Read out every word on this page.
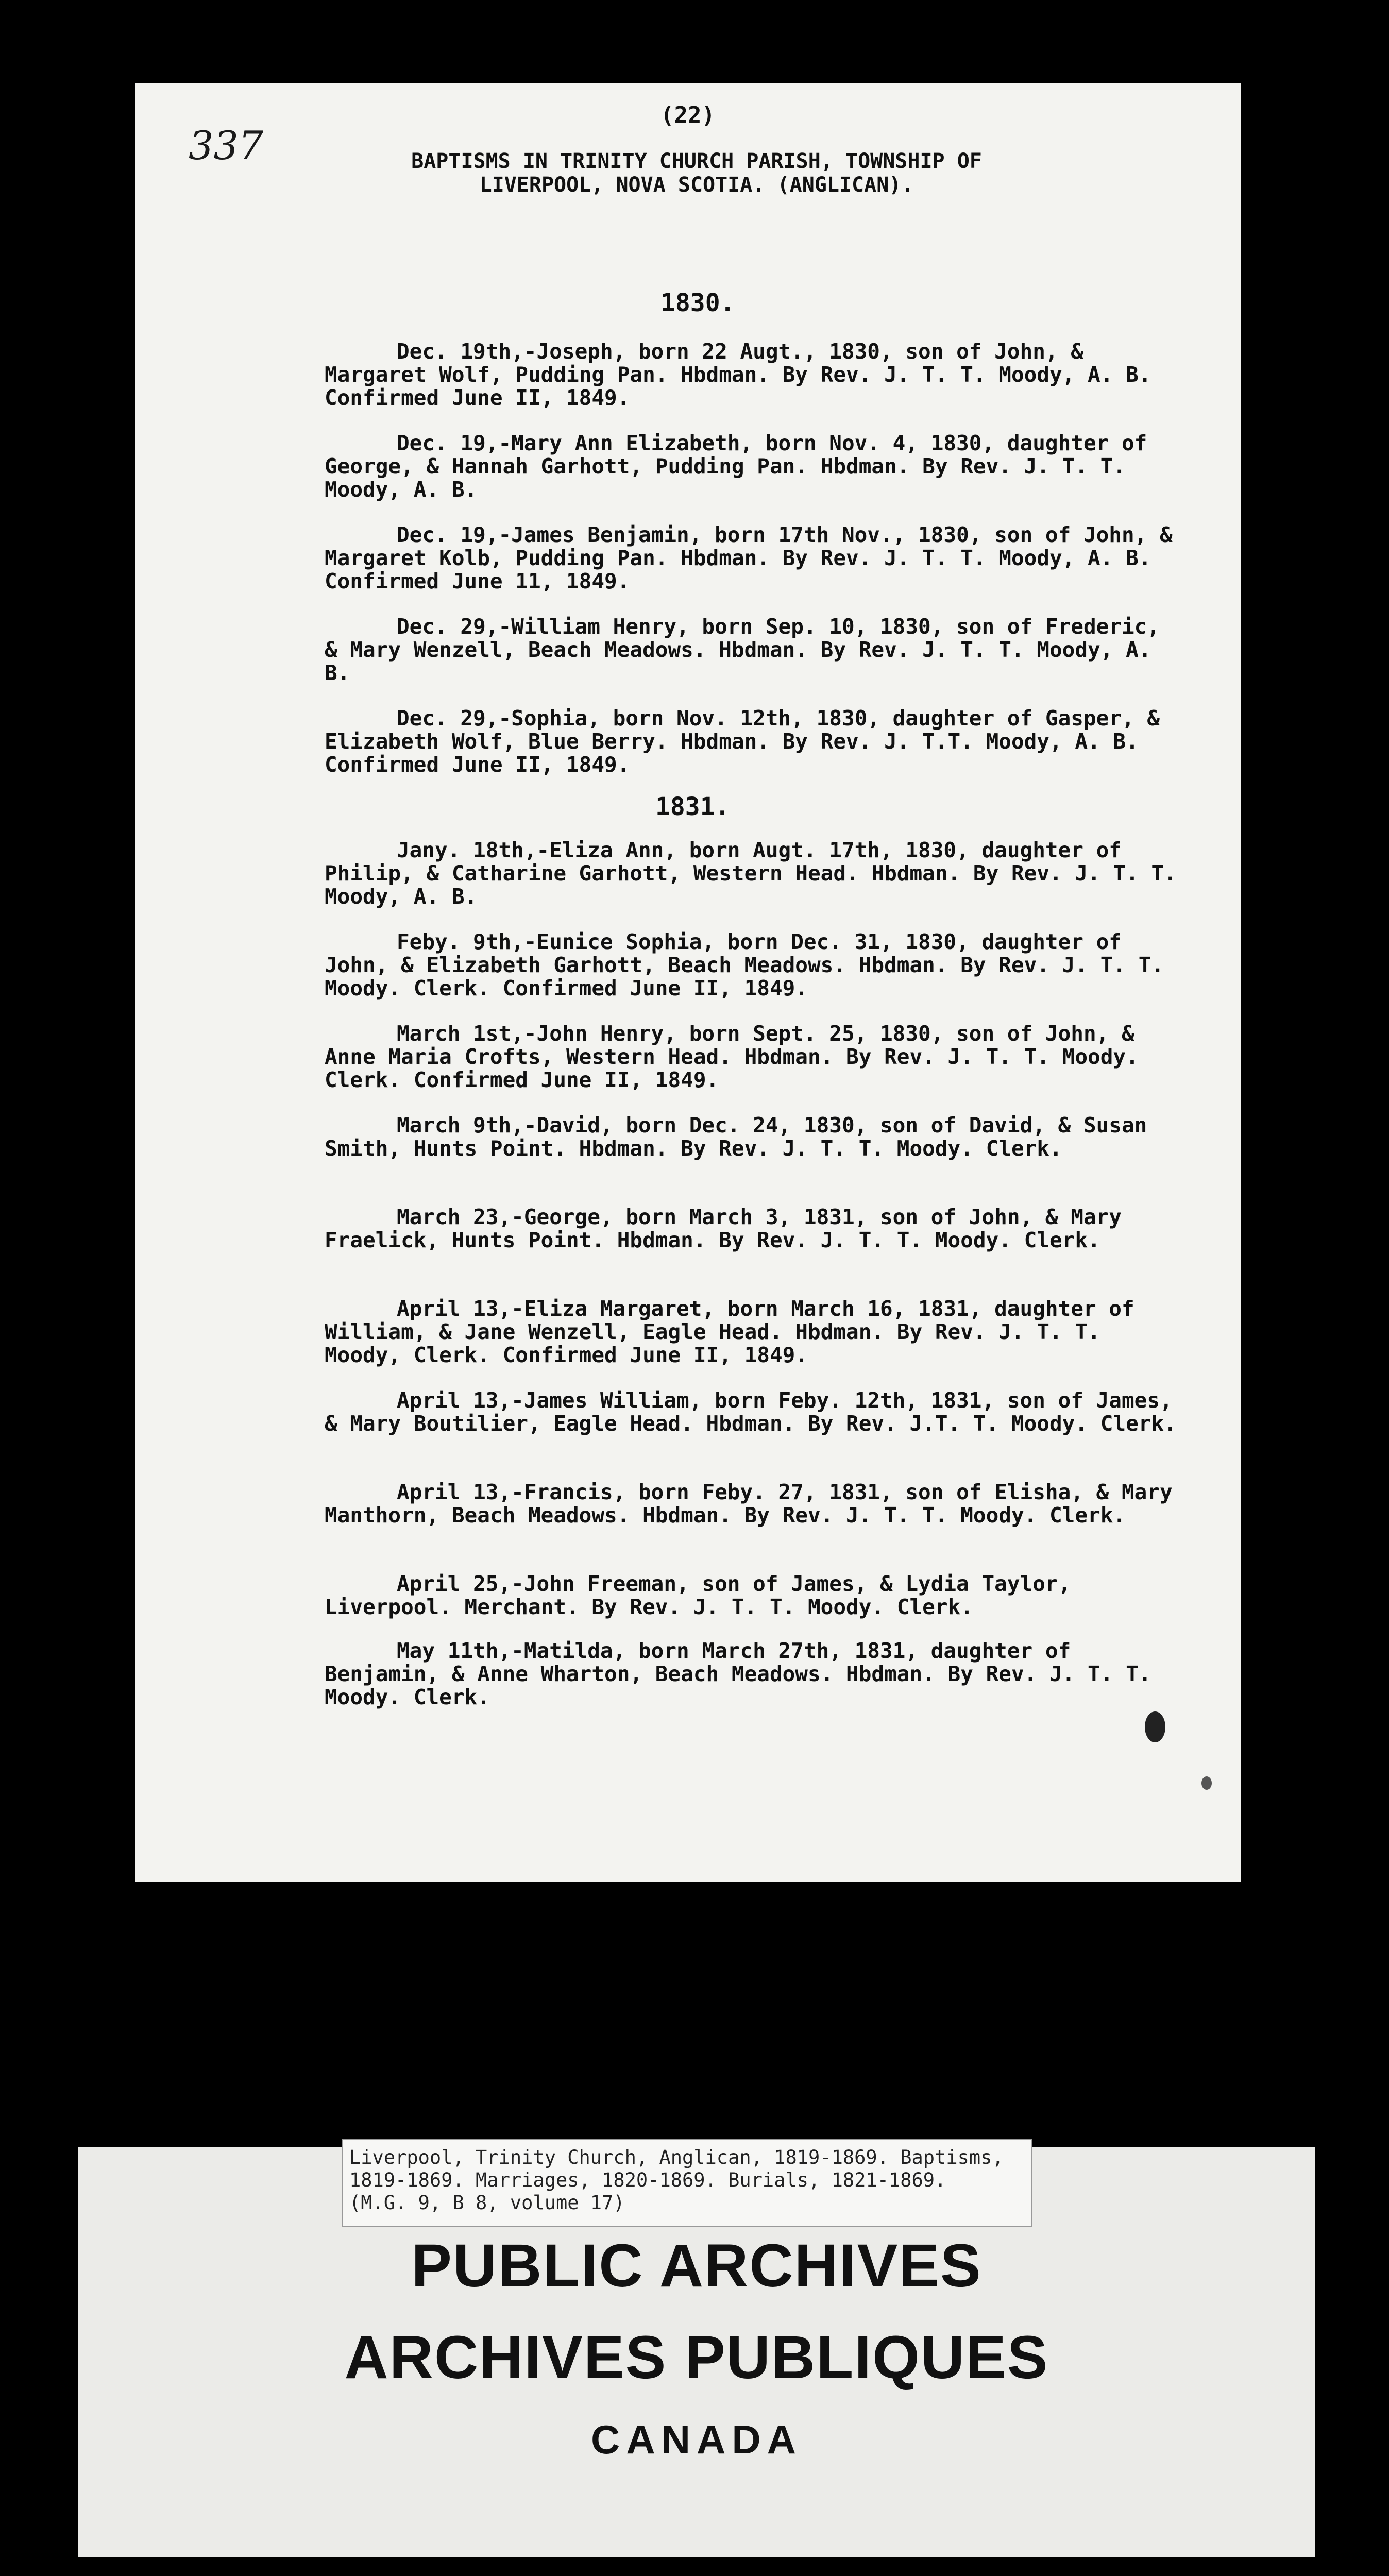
337
(22)
BAPTISMS IN TRINITY CHURCH PARISH, TOWNSHIP OF
LIVERPOOL, NOVA SCOTIA. (ANGLICAN).
1830.
Dec. 19th,-Joseph, born 22 Augt., 1830, son of John, & Margaret Wolf, Pudding Pan. Hbdman. By Rev. J. T. T. Moody, A. B. Confirmed June II, 1849.
Dec. 19,-Mary Ann Elizabeth, born Nov. 4, 1830, daughter of George, & Hannah Garhott, Pudding Pan. Hbdman. By Rev. J. T. T. Moody, A. B.
Dec. 19,-James Benjamin, born 17th Nov., 1830, son of John, & Margaret Kolb, Pudding Pan. Hbdman. By Rev. J. T. T. Moody, A. B. Confirmed June 11, 1849.
Dec. 29,-William Henry, born Sep. 10, 1830, son of Frederic, & Mary Wenzell, Beach Meadows. Hbdman. By Rev. J. T. T. Moody, A. B.
Dec. 29,-Sophia, born Nov. 12th, 1830, daughter of Gasper, & Elizabeth Wolf, Blue Berry. Hbdman. By Rev. J. T.T. Moody, A. B. Confirmed June II, 1849.
1831.
Jany. 18th,-Eliza Ann, born Augt. 17th, 1830, daughter of Philip, & Catharine Garhott, Western Head. Hbdman. By Rev. J. T. T. Moody, A. B.
Feby. 9th,-Eunice Sophia, born Dec. 31, 1830, daughter of John, & Elizabeth Garhott, Beach Meadows. Hbdman. By Rev. J. T. T. Moody. Clerk. Confirmed June II, 1849.
March 1st,-John Henry, born Sept. 25, 1830, son of John, & Anne Maria Crofts, Western Head. Hbdman. By Rev. J. T. T. Moody. Clerk. Confirmed June II, 1849.
March 9th,-David, born Dec. 24, 1830, son of David, & Susan Smith, Hunts Point. Hbdman. By Rev. J. T. T. Moody. Clerk.
March 23,-George, born March 3, 1831, son of John, & Mary Fraelick, Hunts Point. Hbdman. By Rev. J. T. T. Moody. Clerk.
April 13,-Eliza Margaret, born March 16, 1831, daughter of William, & Jane Wenzell, Eagle Head. Hbdman. By Rev. J. T. T. Moody, Clerk. Confirmed June II, 1849.
April 13,-James William, born Feby. 12th, 1831, son of James, & Mary Boutilier, Eagle Head. Hbdman. By Rev. J.T. T. Moody. Clerk.
April 13,-Francis, born Feby. 27, 1831, son of Elisha, & Mary Manthorn, Beach Meadows. Hbdman. By Rev. J. T. T. Moody. Clerk.
April 25,-John Freeman, son of James, & Lydia Taylor, Liverpool. Merchant. By Rev. J. T. T. Moody. Clerk.
May 11th,-Matilda, born March 27th, 1831, daughter of Benjamin, & Anne Wharton, Beach Meadows. Hbdman. By Rev. J. T. T. Moody. Clerk.
Liverpool, Trinity Church, Anglican, 1819-1869. Baptisms,
1819-1869. Marriages, 1820-1869. Burials, 1821-1869.
(M.G. 9, B 8, volume 17)
PUBLIC ARCHIVES
ARCHIVES PUBLIQUES
CANADA
